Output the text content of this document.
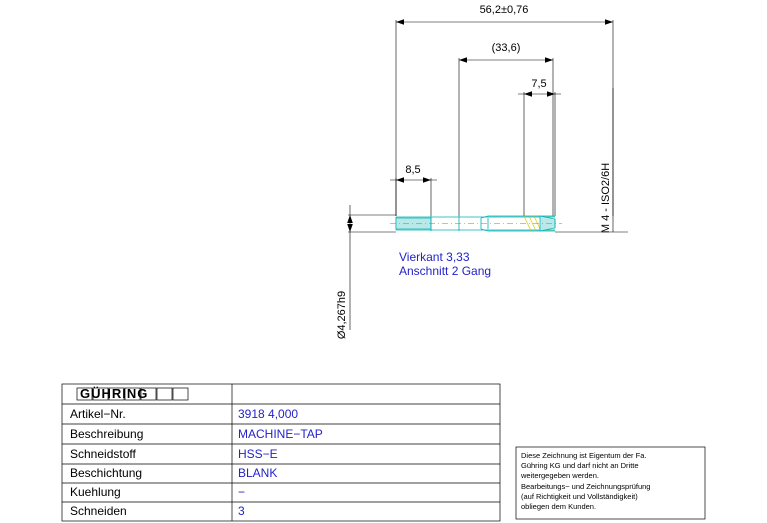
56,2±0,76
(33,6)
7,5
8,5
Ø4,267h9
M 4 - ISO2/6H
Vierkant 3,33
Anschnitt 2 Gang
GÜHRING
Artikel−Nr.	3918 4,000
Beschreibung	MACHINE−TAP
Schneidstoff	HSS−E
Beschichtung	BLANK
Kuehlung	−
Schneiden	3
Diese Zeichnung ist Eigentum der Fa.
Gühring KG und darf nicht an Dritte
weitergegeben werden.
Bearbeitungs− und Zeichnungsprüfung
(auf Richtigkeit und Vollständigkeit)
obliegen dem Kunden.
